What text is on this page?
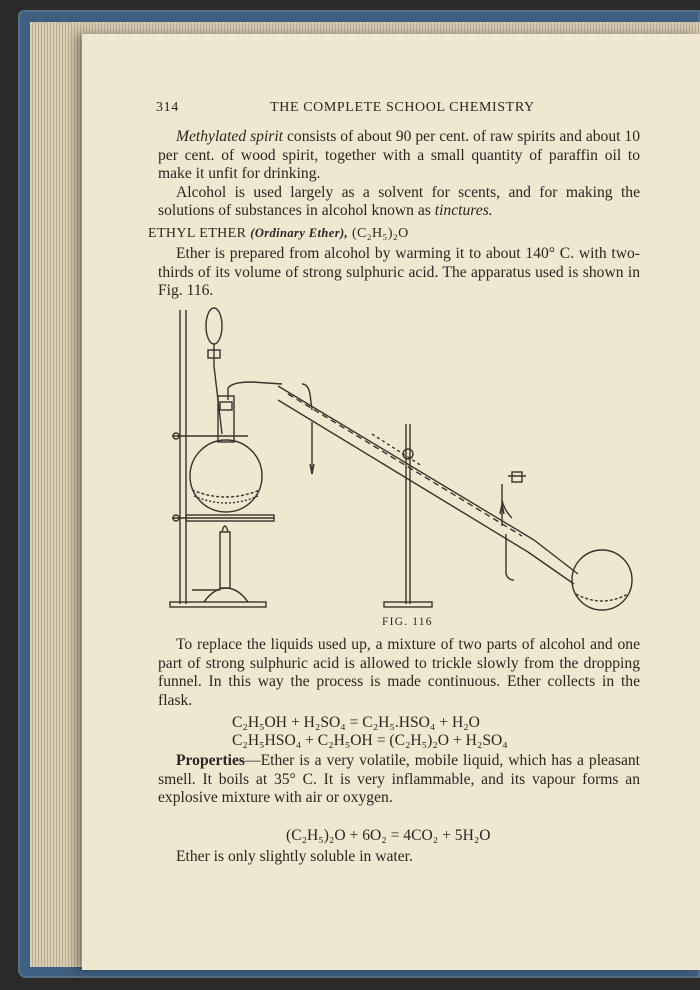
314	THE COMPLETE SCHOOL CHEMISTRY

Methylated spirit consists of about 90 per cent. of raw spirits and about 10 per cent. of wood spirit, together with a small quantity of paraffin oil to make it unfit for drinking.

Alcohol is used largely as a solvent for scents, and for making the solutions of substances in alcohol known as tinctures.

ETHYL ETHER (Ordinary Ether), (C₂H₅)₂O

Ether is prepared from alcohol by warming it to about 140° C. with two-thirds of its volume of strong sulphuric acid. The apparatus used is shown in Fig. 116.

FIG. 116

To replace the liquids used up, a mixture of two parts of alcohol and one part of strong sulphuric acid is allowed to trickle slowly from the dropping funnel. In this way the process is made continuous. Ether collects in the flask.

C₂H₅OH + H₂SO₄ = C₂H₅.HSO₄ + H₂O
C₂H₅HSO₄ + C₂H₅OH = (C₂H₅)₂O + H₂SO₄

Properties—Ether is a very volatile, mobile liquid, which has a pleasant smell. It boils at 35° C. It is very inflammable, and its vapour forms an explosive mixture with air or oxygen.

(C₂H₅)₂O + 6O₂ = 4CO₂ + 5H₂O

Ether is only slightly soluble in water.
